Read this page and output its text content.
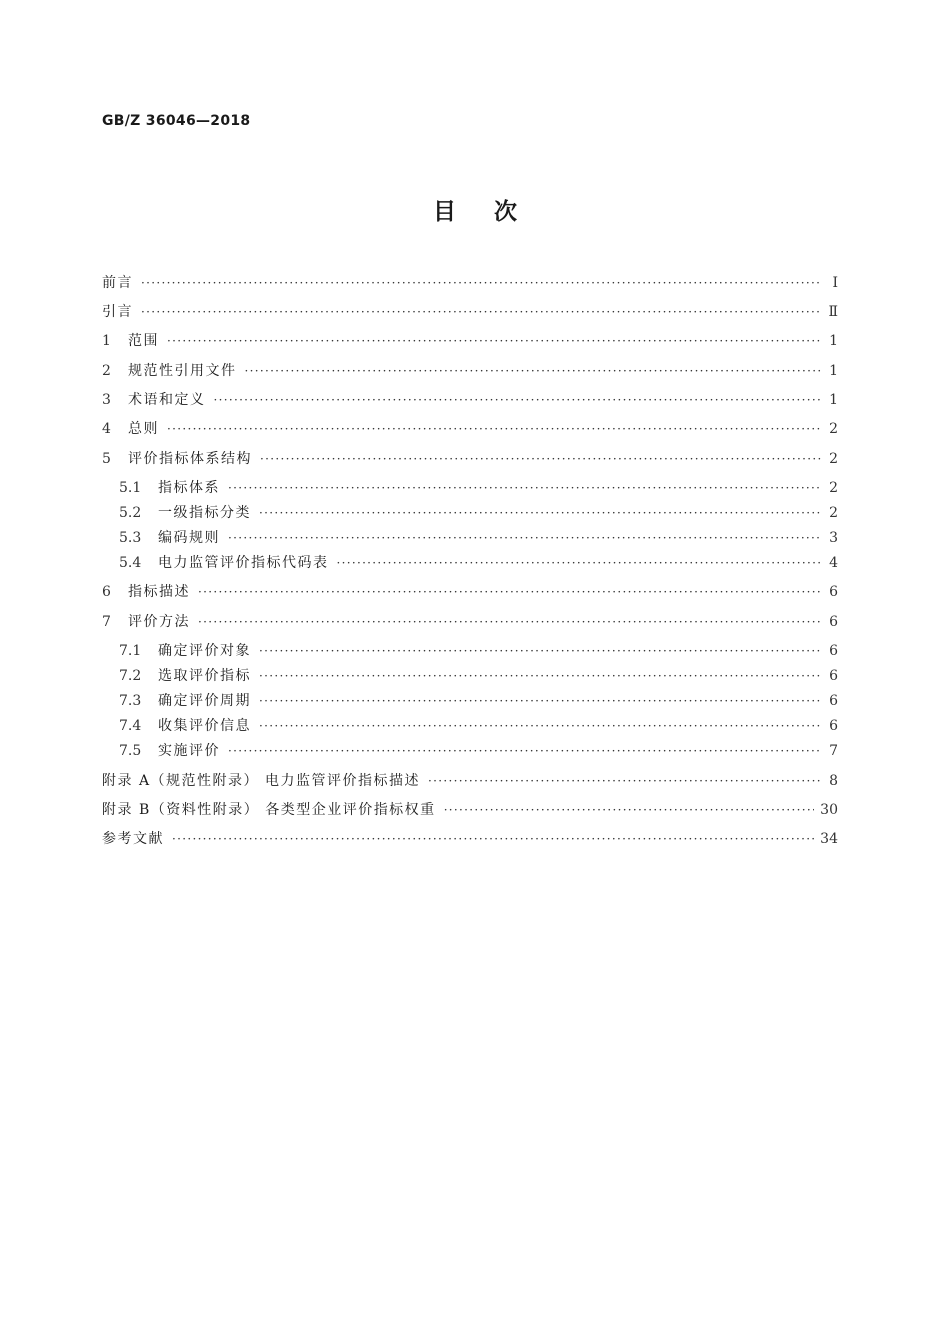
GB/Z 36046—2018
目次
前言 ·····	Ⅰ
引言 ·····	Ⅱ
1	范围 ·····	1
2	规范性引用文件 ·····	1
3	术语和定义 ·····	1
4	总则 ·····	2
5	评价指标体系结构 ·····	2
5.1	指标体系 ·····	2
5.2	一级指标分类 ·····	2
5.3	编码规则 ·····	3
5.4	电力监管评价指标代码表 ·····	4
6	指标描述 ·····	6
7	评价方法 ·····	6
7.1	确定评价对象 ·····	6
7.2	选取评价指标 ·····	6
7.3	确定评价周期 ·····	6
7.4	收集评价信息 ·····	6
7.5	实施评价 ·····	7
附录 A（规范性附录） 电力监管评价指标描述 ·····	8
附录 B（资料性附录） 各类型企业评价指标权重 ·····	30
参考文献 ·····	34
